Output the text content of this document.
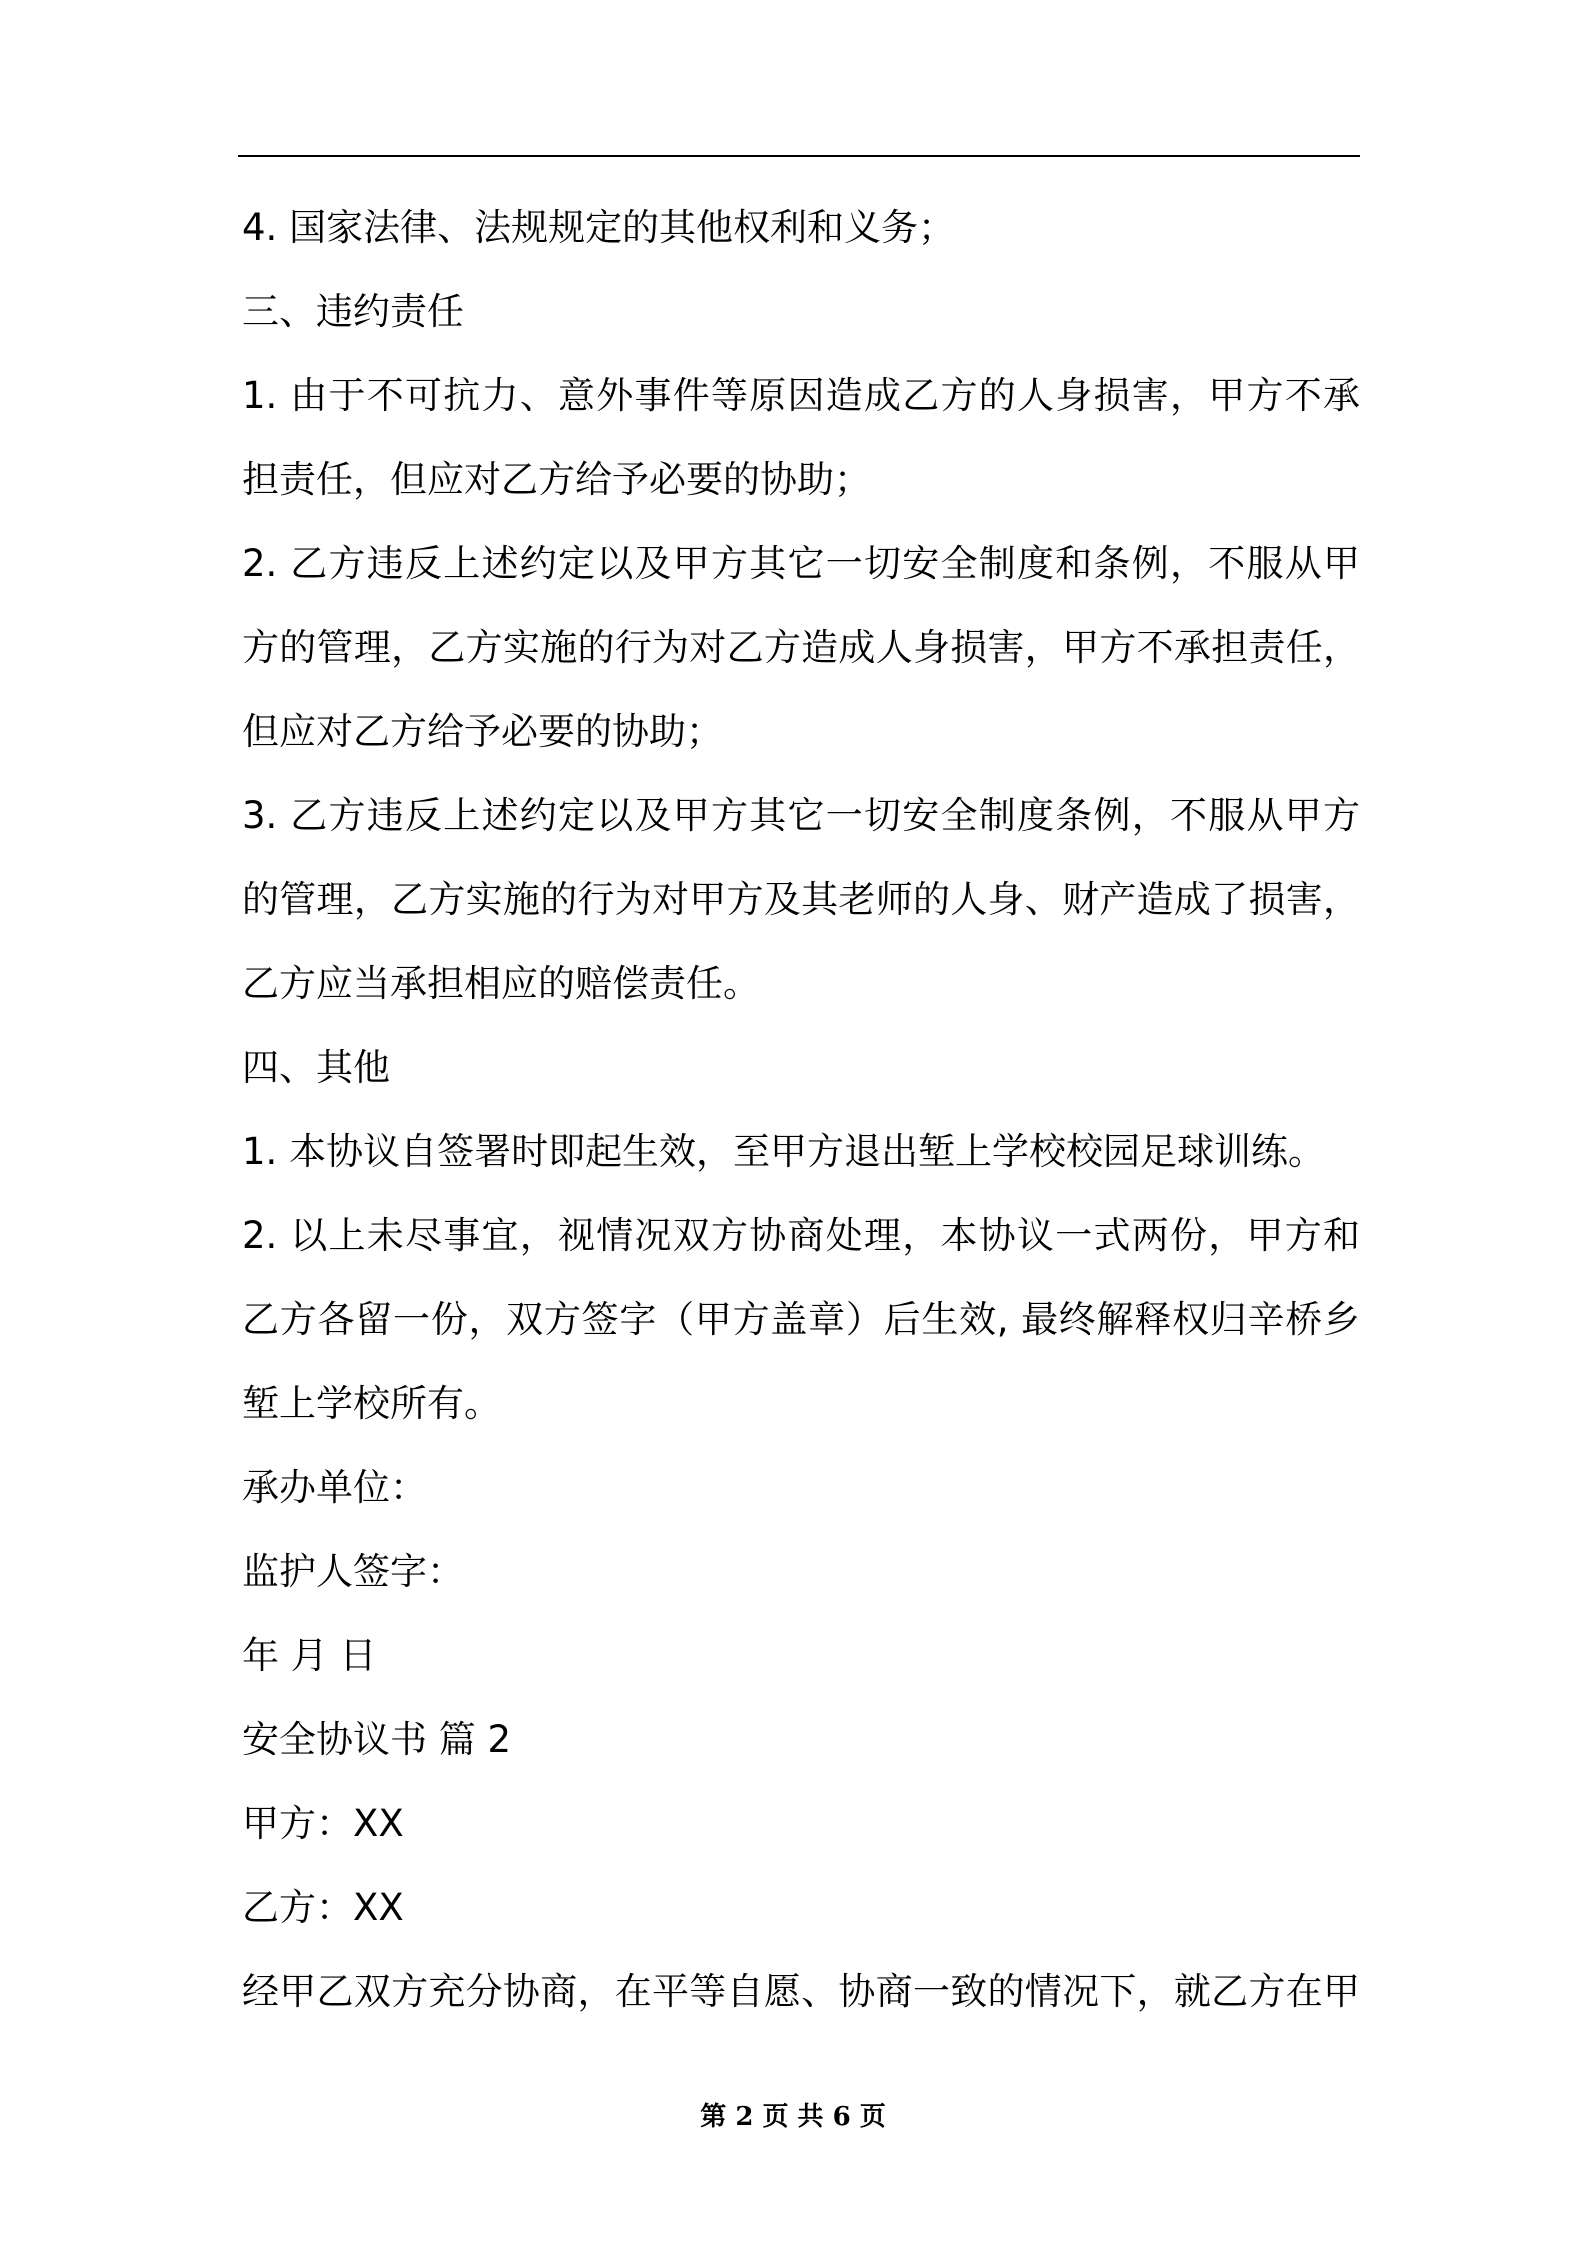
4. 国家法律、法规规定的其他权利和义务；
三、违约责任
1. 由于不可抗力、意外事件等原因造成乙方的人身损害，甲方不承
担责任，但应对乙方给予必要的协助；
2. 乙方违反上述约定以及甲方其它一切安全制度和条例，不服从甲
方的管理，乙方实施的行为对乙方造成人身损害，甲方不承担责任，
但应对乙方给予必要的协助；
3. 乙方违反上述约定以及甲方其它一切安全制度条例，不服从甲方
的管理，乙方实施的行为对甲方及其老师的人身、财产造成了损害，
乙方应当承担相应的赔偿责任。
四、其他
1. 本协议自签署时即起生效，至甲方退出堑上学校校园足球训练。
2. 以上未尽事宜，视情况双方协商处理，本协议一式两份，甲方和
乙方各留一份，双方签字（甲方盖章）后生效, 最终解释权归辛桥乡
堑上学校所有。
承办单位：
监护人签字：
年 月 日
安全协议书 篇 2
甲方：XX
乙方：XX
经甲乙双方充分协商，在平等自愿、协商一致的情况下，就乙方在甲
第 2 页 共 6 页
